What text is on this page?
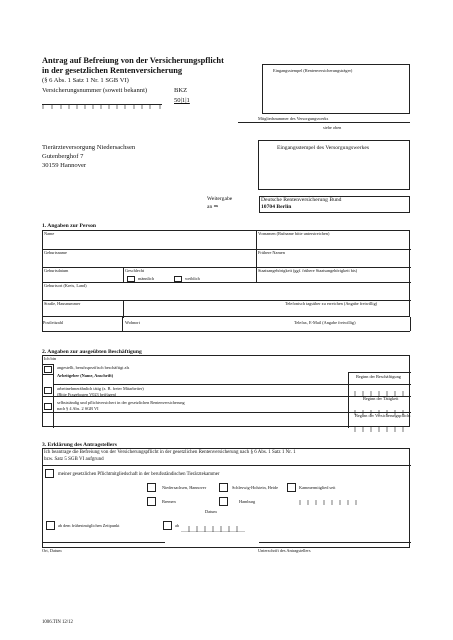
Antrag auf Befreiung von der Versicherungspflicht
in der gesetzlichen Rentenversicherung
(§ 6 Abs. 1 Satz 1 Nr. 1 SGB VI)
Eingangsstempel (Rentenversicherungsträger)
Versicherungsnummer (soweit bekannt)	BKZ
50|1|1
Mitgliedsnummer des Versorgungswerks
siehe oben
Tierärzteversorgung Niedersachsen
Gutenberghof 7
30159 Hannover
Eingangsstempel des Versorgungswerkes
Weitergabe
an ⇒
Deutsche Rentenversicherung Bund
10704 Berlin
1. Angaben zur Person
Name	Vornamen (Rufname bitte unterstreichen)
Geburtsname	Frühere Namen
Geburtsdatum	Geschlecht
männlich	weiblich
Staatsangehörigkeit (ggf. frühere Staatsangehörigkeit bis)
Geburtsort (Kreis, Land)
Straße, Hausnummer	Telefonisch tagsüber zu erreichen (Angabe freiwillig)
Postleitzahl	Wohnort	Telefax, E-Mail (Angabe freiwillig)
2. Angaben zur ausgeübten Beschäftigung
Ich bin
angestellt, berufsspezifisch beschäftigt als
Arbeitgeber (Name, Anschrift)	Beginn der Beschäftigung
arbeitnehmerähnlich tätig (z. B. freier Mitarbeiter)
(Bitte Fragebogen V023 beifügen)
Beginn der Tätigkeit
selbstständig und pflichtversichert in der gesetzlichen Rentenversicherung
nach § 4 Abs. 2 SGB VI
Beginn der Versicherungspflicht
3. Erklärung des Antragstellers
Ich beantrage die Befreiung von der Versicherungspflicht in der gesetzlichen Rentenversicherung nach § 6 Abs. 1 Satz 1 Nr. 1
bzw. Satz 5 SGB VI aufgrund
meiner gesetzlichen Pflichtmitgliedschaft in der berufsständischen Tierärztekammer
Niedersachsen, Hannover	Schleswig-Holstein, Heide	Kammermitglied seit
Bremen	Hamburg
Datum
ab dem frühestmöglichen Zeitpunkt	ab
Ort, Datum	Unterschrift des Antragstellers
1006.TIN 12/12
